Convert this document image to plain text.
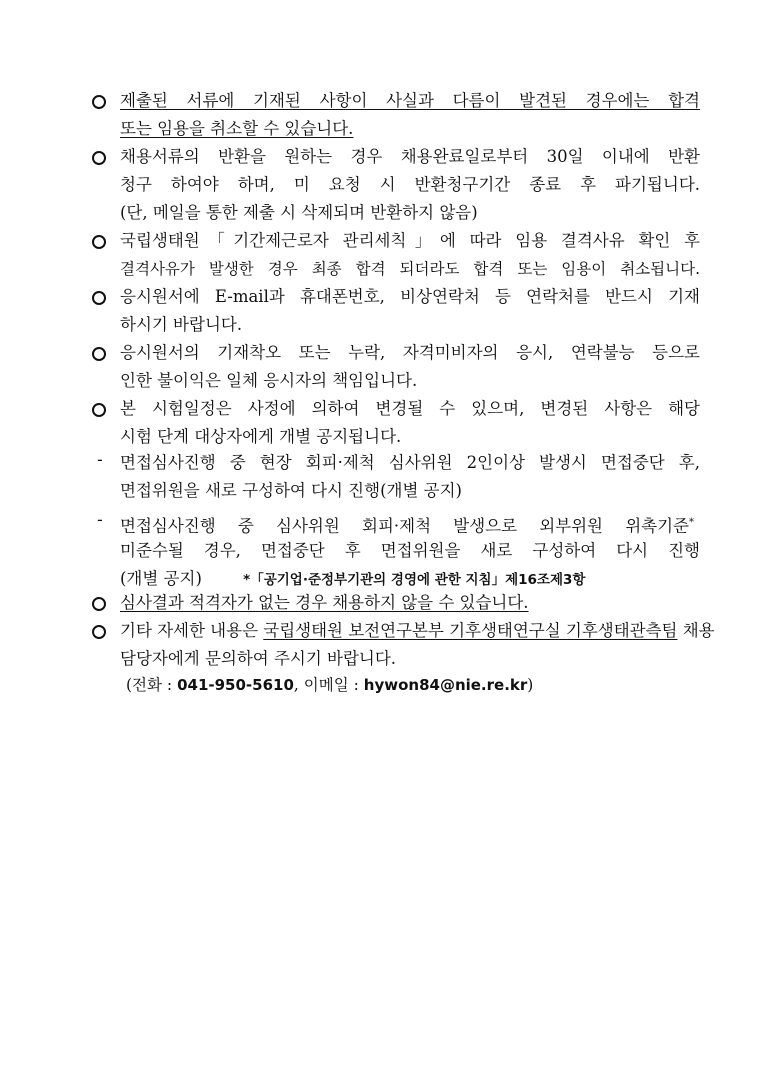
제출된 서류에 기재된 사항이 사실과 다름이 발견된 경우에는 합격
또는 임용을 취소할 수 있습니다.
채용서류의 반환을 원하는 경우 채용완료일로부터 30일 이내에 반환
청구 하여야 하며, 미 요청 시 반환청구기간 종료 후 파기됩니다.
(단, 메일을 통한 제출 시 삭제되며 반환하지 않음)
국립생태원「기간제근로자 관리세칙」에 따라 임용 결격사유 확인 후
결격사유가 발생한 경우 최종 합격 되더라도 합격 또는 임용이 취소됩니다.
응시원서에 E-mail과 휴대폰번호, 비상연락처 등 연락처를 반드시 기재
하시기 바랍니다.
응시원서의 기재착오 또는 누락, 자격미비자의 응시, 연락불능 등으로
인한 불이익은 일체 응시자의 책임입니다.
본 시험일정은 사정에 의하여 변경될 수 있으며, 변경된 사항은 해당
시험 단계 대상자에게 개별 공지됩니다.
- 면접심사진행 중 현장 회피·제척 심사위원 2인이상 발생시 면접중단 후,
면접위원을 새로 구성하여 다시 진행(개별 공지)
- 면접심사진행 중 심사위원 회피·제척 발생으로 외부위원 위촉기준*
미준수될 경우, 면접중단 후 면접위원을 새로 구성하여 다시 진행
(개별 공지)	*「공기업·준정부기관의 경영에 관한 지침」제16조제3항
심사결과 적격자가 없는 경우 채용하지 않을 수 있습니다.
기타 자세한 내용은 국립생태원 보전연구본부 기후생태연구실 기후생태관측팀 채용
담당자에게 문의하여 주시기 바랍니다.
(전화 : 041-950-5610, 이메일 : hywon84@nie.re.kr)
